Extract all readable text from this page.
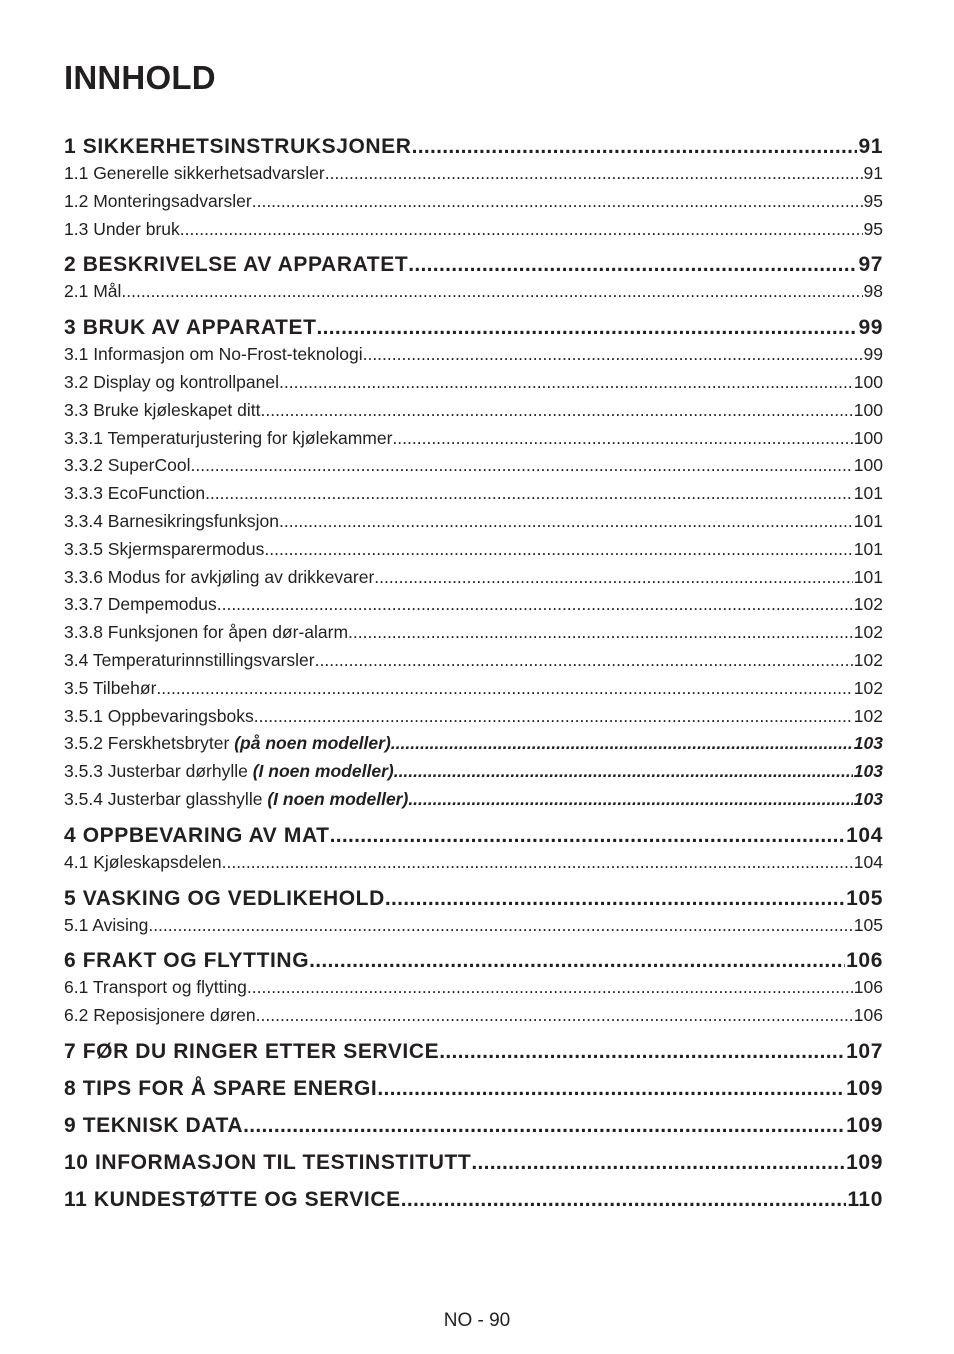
INNHOLD
1 SIKKERHETSINSTRUKSJONER .....	91
1.1 Generelle sikkerhetsadvarsler .....	91
1.2 Monteringsadvarsler .....	95
1.3 Under bruk .....	95
2 BESKRIVELSE AV APPARATET .....	97
2.1 Mål .....	98
3 BRUK AV APPARATET .....	99
3.1 Informasjon om No-Frost-teknologi .....	99
3.2 Display og kontrollpanel .....	100
3.3 Bruke kjøleskapet ditt .....	100
3.3.1 Temperaturjustering for kjølekammer .....	100
3.3.2 SuperCool .....	100
3.3.3 EcoFunction .....	101
3.3.4 Barnesikringsfunksjon .....	101
3.3.5 Skjermsparermodus .....	101
3.3.6 Modus for avkjøling av drikkevarer .....	101
3.3.7 Dempemodus .....	102
3.3.8 Funksjonen for åpen dør-alarm .....	102
3.4 Temperaturinnstillingsvarsler .....	102
3.5 Tilbehør .....	102
3.5.1 Oppbevaringsboks .....	102
3.5.2 Ferskhetsbryter (på noen modeller) .....	103
3.5.3 Justerbar dørhylle (I noen modeller) .....	103
3.5.4 Justerbar glasshylle (I noen modeller) .....	103
4 OPPBEVARING AV MAT .....	104
4.1 Kjøleskapsdelen .....	104
5 VASKING OG VEDLIKEHOLD .....	105
5.1 Avising .....	105
6 FRAKT OG FLYTTING .....	106
6.1 Transport og flytting .....	106
6.2 Reposisjonere døren .....	106
7 FØR DU RINGER ETTER SERVICE .....	107
8 TIPS FOR Å SPARE ENERGI .....	109
9 TEKNISK DATA .....	109
10 INFORMASJON TIL TESTINSTITUTT .....	109
11 KUNDESTØTTE OG SERVICE .....	110
NO - 90
